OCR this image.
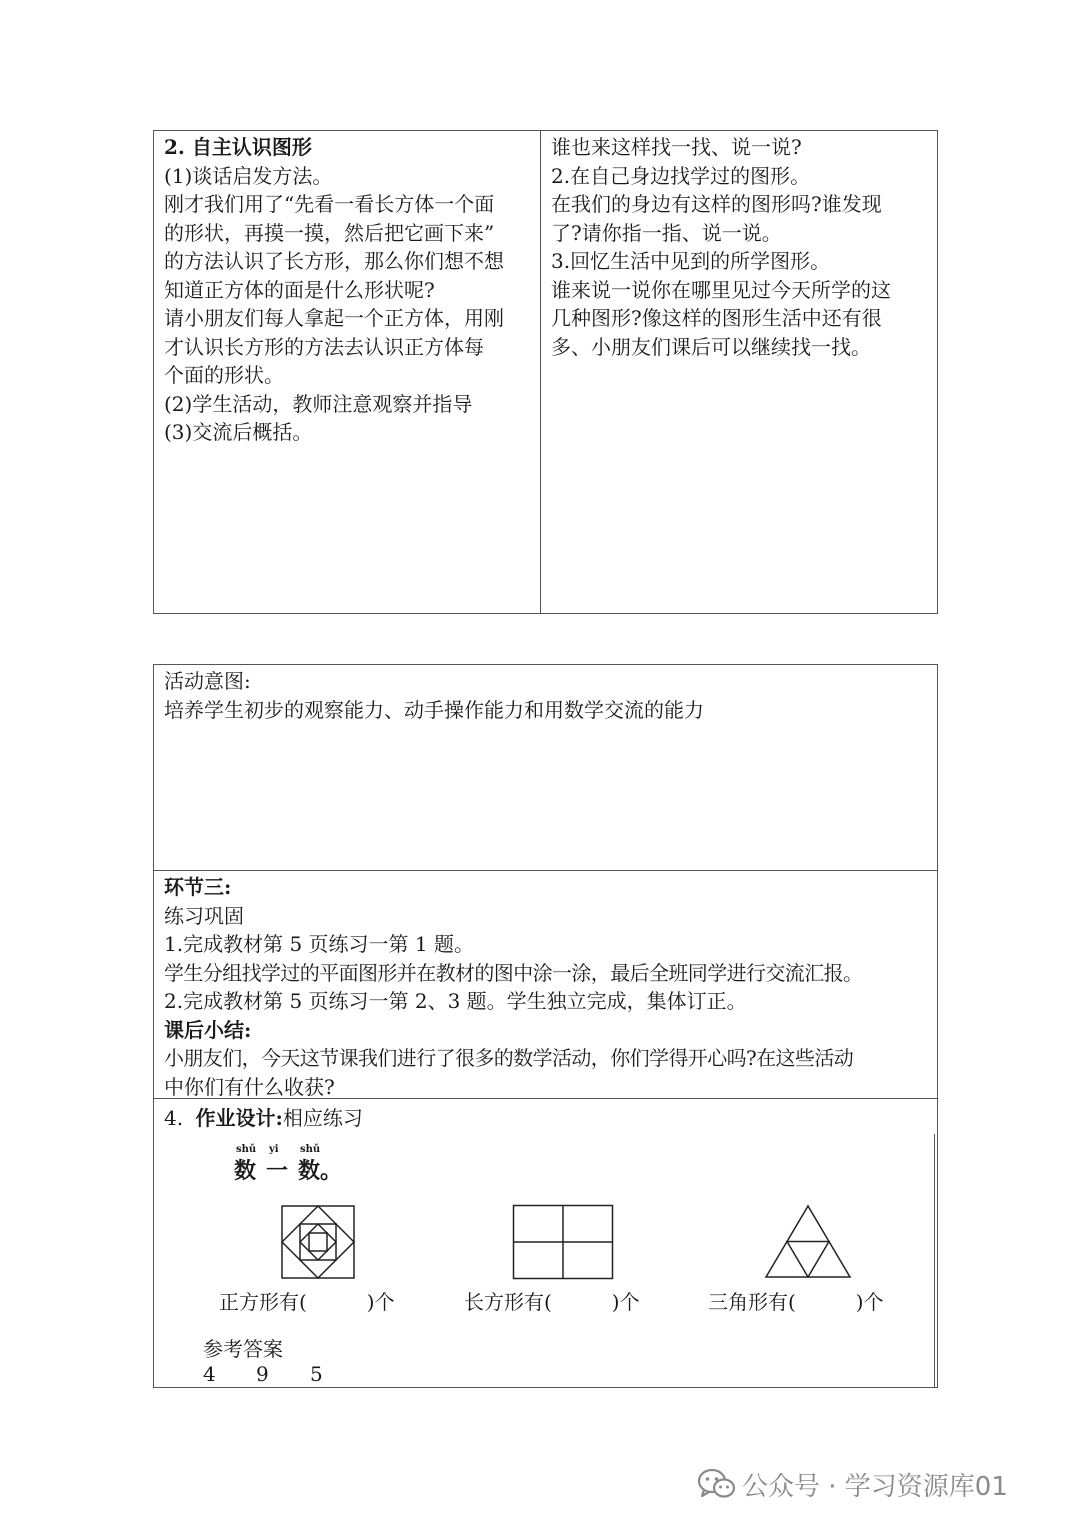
2. 自主认识图形

(1)谈话启发方法。

刚才我们用了“先看一看长方体一个面

的形状，再摸一摸，然后把它画下来”

的方法认识了长方形，那么你们想不想

知道正方体的面是什么形状呢?

请小朋友们每人拿起一个正方体，用刚

才认识长方形的方法去认识正方体每

个面的形状。

(2)学生活动，教师注意观察并指导

(3)交流后概括。

谁也来这样找一找、说一说?

2.在自己身边找学过的图形。

在我们的身边有这样的图形吗?谁发现

了?请你指一指、说一说。

3.回忆生活中见到的所学图形。

谁来说一说你在哪里见过今天所学的这

几种图形?像这样的图形生活中还有很

多、小朋友们课后可以继续找一找。

活动意图:

培养学生初步的观察能力、动手操作能力和用数学交流的能力

环节三:

练习巩固

1.完成教材第 5 页练习一第 1 题。

学生分组找学过的平面图形并在教材的图中涂一涂，最后全班同学进行交流汇报。

2.完成教材第 5 页练习一第 2、3 题。学生独立完成，集体订正。

课后小结:

小朋友们，今天这节课我们进行了很多的数学活动，你们学得开心吗?在这些活动

中你们有什么收获?

4. 作业设计:相应练习
shǔ yi shǔ
数 一 数。
正方形有(　　　)个	长方形有(　　　)个	三角形有(　　　)个
参考答案
4 9 5
公众号 · 学习资源库01
